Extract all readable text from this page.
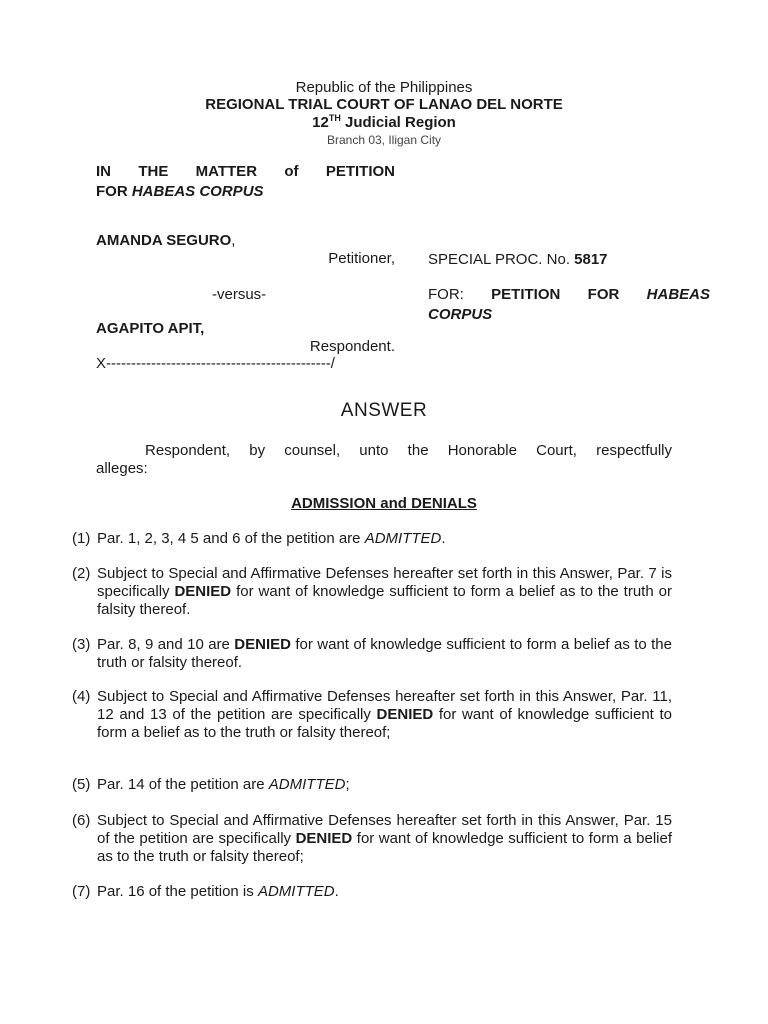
Republic of the Philippines
REGIONAL TRIAL COURT OF LANAO DEL NORTE
12TH Judicial Region
Branch 03, Iligan City
IN THE MATTER of PETITION
FOR HABEAS CORPUS
AMANDA SEGURO,
Petitioner,
-versus-
AGAPITO APIT,
Respondent.
X---------------------------------------------/
SPECIAL PROC. No. 5817
FOR: PETITION FOR HABEAS
CORPUS
ANSWER
Respondent, by counsel, unto the Honorable Court, respectfully
alleges:
ADMISSION and DENIALS
(1) Par. 1, 2, 3, 4 5 and 6 of the petition are ADMITTED.
(2) Subject to Special and Affirmative Defenses hereafter set forth in this Answer, Par. 7 is specifically DENIED for want of knowledge sufficient to form a belief as to the truth or falsity thereof.
(3) Par. 8, 9 and 10 are DENIED for want of knowledge sufficient to form a belief as to the truth or falsity thereof.
(4) Subject to Special and Affirmative Defenses hereafter set forth in this Answer, Par. 11, 12 and 13 of the petition are specifically DENIED for want of knowledge sufficient to form a belief as to the truth or falsity thereof;
(5) Par. 14 of the petition are ADMITTED;
(6) Subject to Special and Affirmative Defenses hereafter set forth in this Answer, Par. 15 of the petition are specifically DENIED for want of knowledge sufficient to form a belief as to the truth or falsity thereof;
(7) Par. 16 of the petition is ADMITTED.
